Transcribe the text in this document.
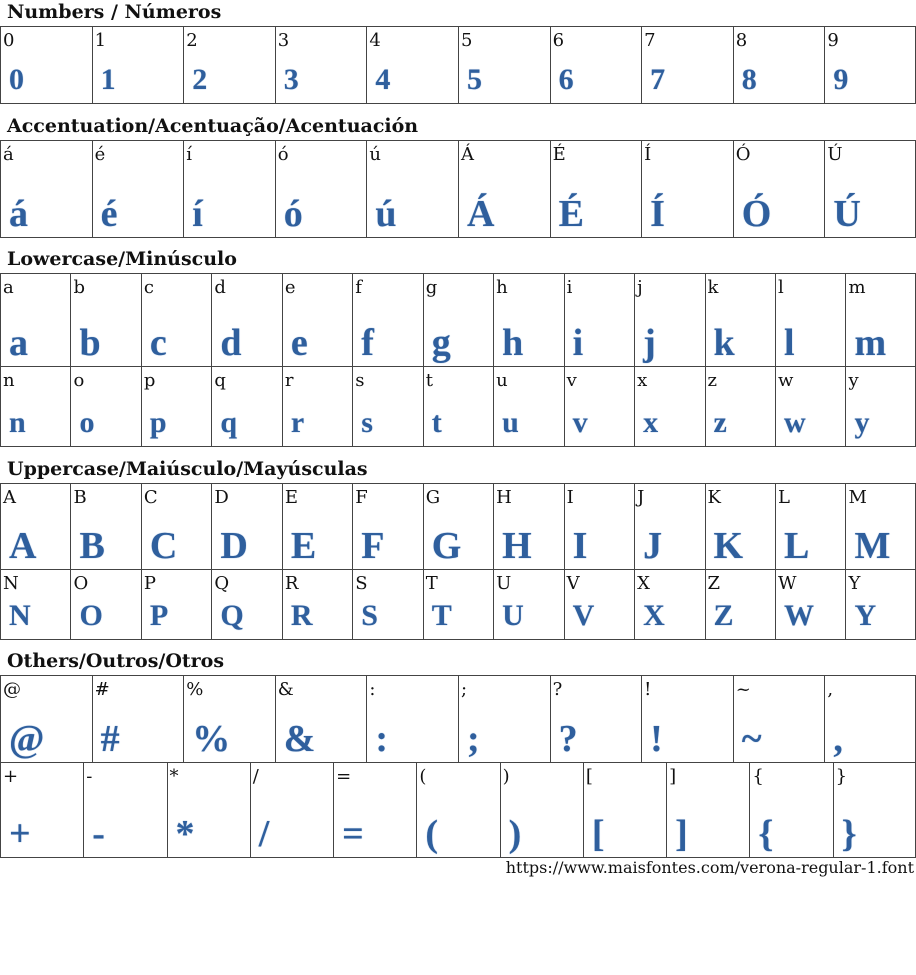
Numbers / Números
0
0
1
1
2
2
3
3
4
4
5
5
6
6
7
7
8
8
9
9
Accentuation/Acentuação/Acentuación
á
á
é
é
í
í
ó
ó
ú
ú
Á
Á
É
É
Í
Í
Ó
Ó
Ú
Ú
Lowercase/Minúsculo
a
a
b
b
c
c
d
d
e
e
f
f
g
g
h
h
i
i
j
j
k
k
l
l
m
m
n
n
o
o
p
p
q
q
r
r
s
s
t
t
u
u
v
v
x
x
z
z
w
w
y
y
Uppercase/Maiúsculo/Mayúsculas
A
A
B
B
C
C
D
D
E
E
F
F
G
G
H
H
I
I
J
J
K
K
L
L
M
M
N
N
O
O
P
P
Q
Q
R
R
S
S
T
T
U
U
V
V
X
X
Z
Z
W
W
Y
Y
Others/Outros/Otros
@
@
#
#
%
%
&
&
:
:
;
;
?
?
!
!
~
~
,
,
+
+
-
-
*
*
/
/
=
=
(
(
)
)
[
[
]
]
{
{
}
}
https://www.maisfontes.com/verona-regular-1.font
